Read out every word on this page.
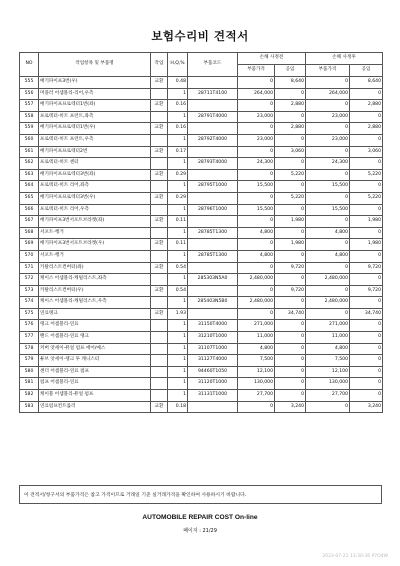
보험수리비 견적서
NO	작업항목 및 부품명	작업	H,Q,%	부품코드	손해 사정전		손해 사정후	
					부품가격	공임	부품가격	공임
555	배기파이프3번(우)	교환	0.48		0	8,640	0	8,640
556	머플러 어셈블리-리어,우측		1	28711T4100	264,000	0	264,000	0
557	배기파이프프로텍터1번(좌)	교환	0.16		0	2,880	0	2,880
558	프로텍터-히트 프런트,좌측		1	28791T4000	23,000	0	23,000	0
559	배기파이프프로텍터1번(우)	교환	0.16		0	2,880	0	2,880
560	프로텍터-히트 프런트,우측		1	28792T4000	23,000	0	23,000	0
561	배기파이프프로텍터2번	교환	0.17		0	3,060	0	3,060
562	프로텍터-히트 센터		1	28793T4000	24,300	0	24,300	0
563	배기파이프프로텍터3번(좌)	교환	0.29		0	5,220	0	5,220
564	프로텍터-히트 리어,좌측		1	28795T1000	15,500	0	15,500	0
565	배기파이프프로텍터3번(우)	교환	0.29		0	5,220	0	5,220
566	프로텍터-히트 리어,우측		1	28796T1000	15,500	0	15,500	0
567	배기파이프3번서포트브라켓(좌)	교환	0.11		0	1,980	0	1,980
568	서포트-행거		1	28785T1300	4,800	0	4,800	0
569	배기파이프3번서포트브라켓(우)	교환	0.11		0	1,980	0	1,980
570	서포트-행거		1	28785T1300	4,800	0	4,800	0
571	카탈리스트컨버터(좌)	교환	0.54		0	9,720	0	9,720
572	케이스 어셈블리-캐털리스트,좌측		1	285303N5A0	2,480,000	0	2,480,000	0
573	카탈리스트컨버터(우)	교환	0.54		0	9,720	0	9,720
574	케이스 어셈블리-캐털리스트,우측		1	285403N5B0	2,480,000	0	2,480,000	0
575	연료탱크	교환	1.93		0	34,740	0	34,740
576	탱크 어셈블리-연료		1	31150T4000	271,000	0	271,000	0
577	밴드 어셈블리-연료 탱크		1	31210T1000	11,000	0	11,000	0
578	커버 앗세이-퓨얼 펌프 에어/메스		1	31107T1000	4,800	0	4,800	0
579	튜브 앗세이-탱크 투 캐니스터		1	31127T4000	7,500	0	7,500	0
580	센더 어셈블리-연료 펌프		1	94460T1050	12,100	0	12,100	0
581	펌프 어셈블리-연료		1	31120T1000	130,000	0	130,000	0
582	케이블 어셈블리-퓨얼 펌프		1	31131T1000	27,700	0	27,700	0
583	연료펌프컨트롤러	교환	0.18		0	3,240	0	3,240
이 견적서/청구서의 부품가격은 참고 가격이므로 거래일 기준 실거래가격을 확인하여 사용하시기 바랍니다.
AUTOMOBILE REPAIR COST On-line
페이지 : 21/29
2023-07-21 13:30:36 P7O4W
